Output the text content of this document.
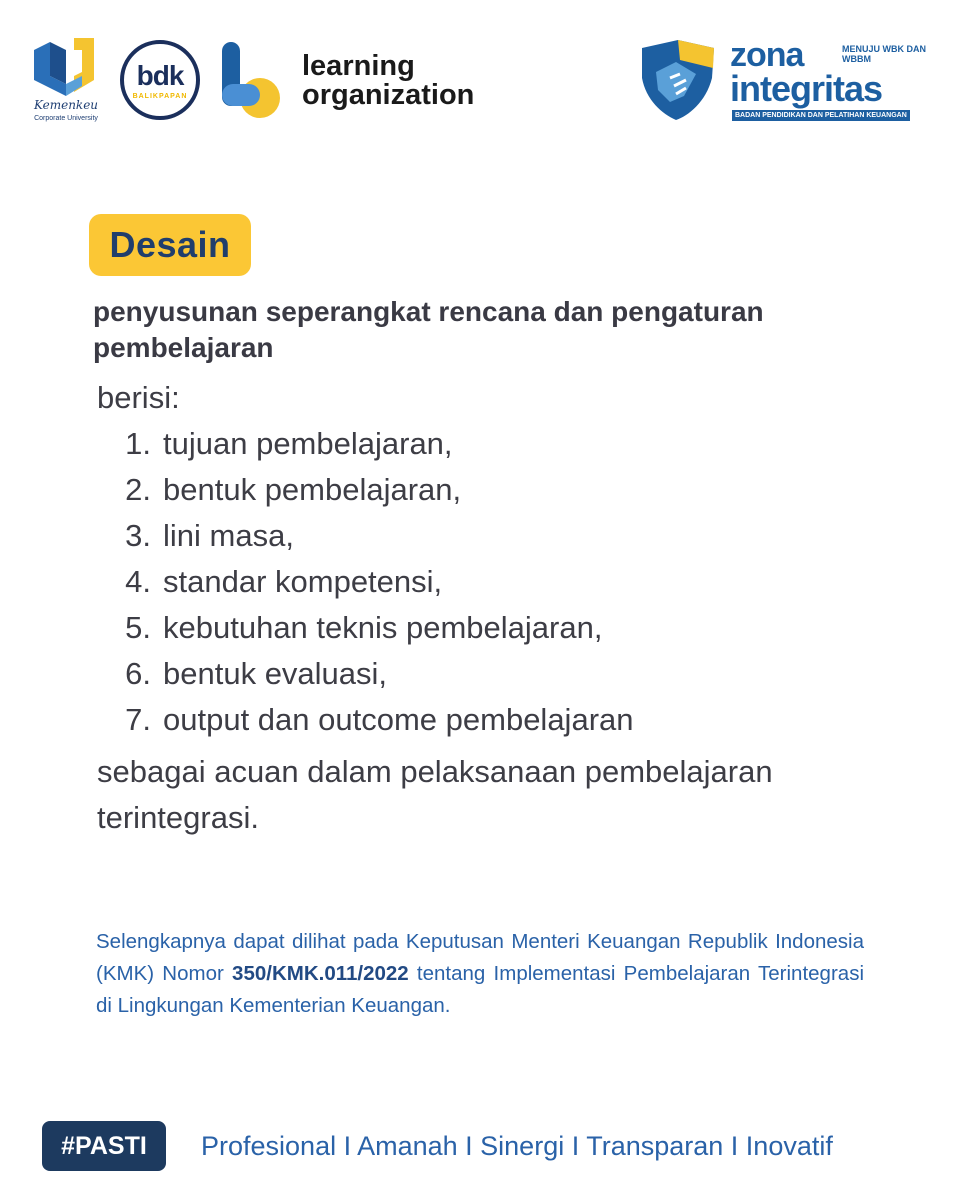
Kemenkeu
Corporate University
bdk
BALIKPAPAN
learning
organization
zona	MENUJU WBK DAN WBBM
integritas
BADAN PENDIDIKAN DAN PELATIHAN KEUANGAN
Desain
penyusunan seperangkat rencana dan pengaturan pembelajaran

berisi:

1. tujuan pembelajaran,
2. bentuk pembelajaran,
3. lini masa,
4. standar kompetensi,
5. kebutuhan teknis pembelajaran,
6. bentuk evaluasi,
7. output dan outcome pembelajaran

sebagai acuan dalam pelaksanaan pembelajaran terintegrasi.

Selengkapnya dapat dilihat pada Keputusan Menteri Keuangan Republik Indonesia (KMK) Nomor 350/KMK.011/2022 tentang Implementasi Pembelajaran Terintegrasi di Lingkungan Kementerian Keuangan.
#PASTI Profesional I Amanah I Sinergi I Transparan I Inovatif
